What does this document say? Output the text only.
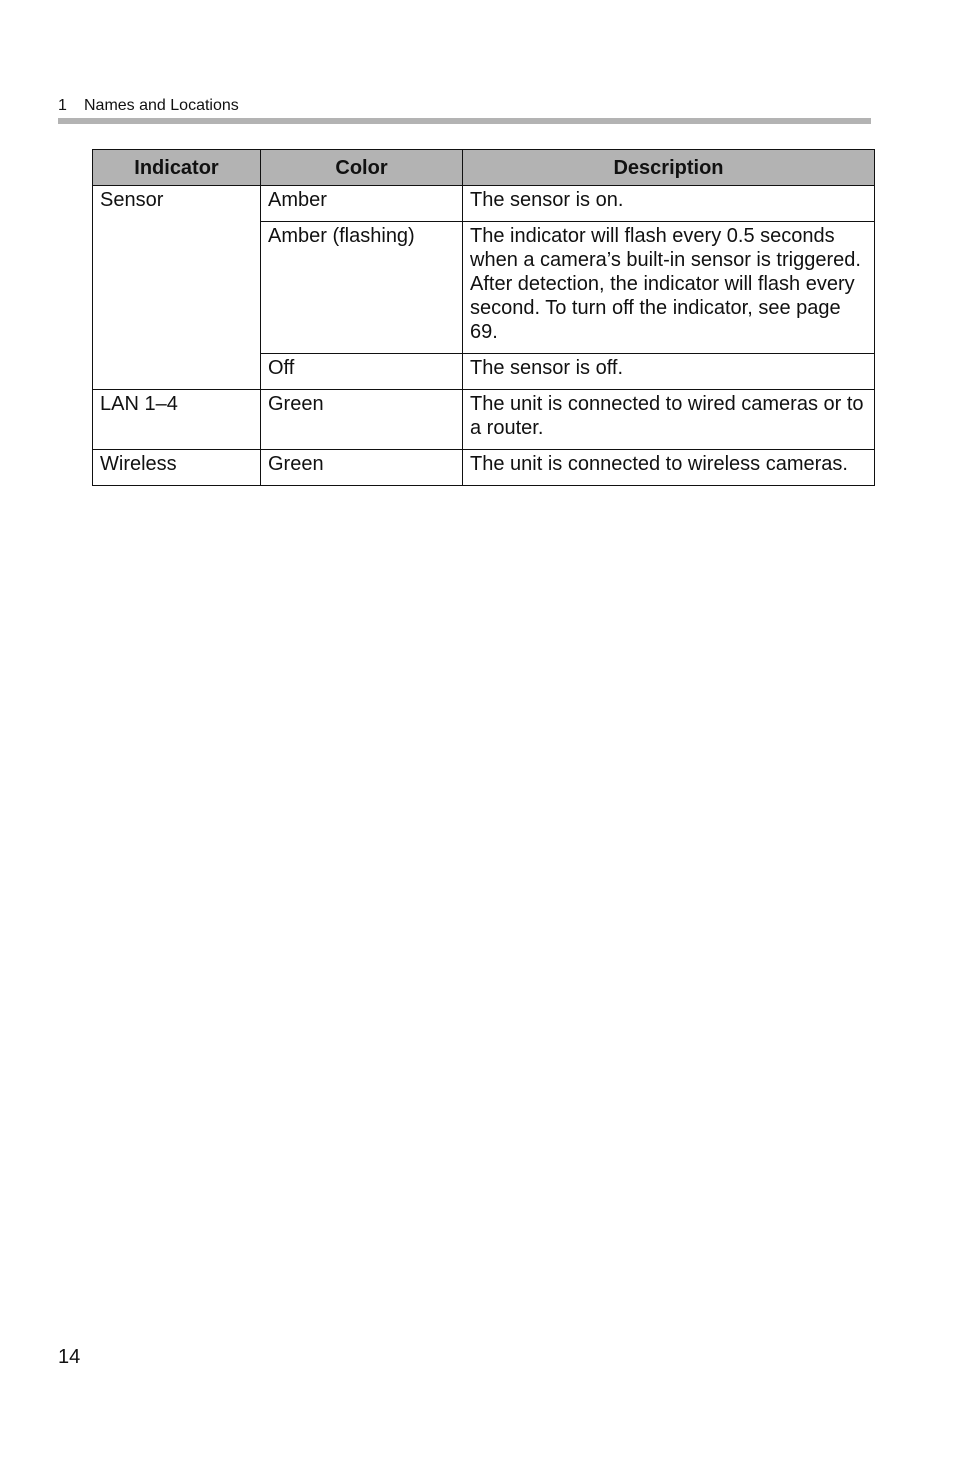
1 Names and Locations
Indicator	Color	Description
Sensor	Amber	The sensor is on.
	Amber (flashing)	The indicator will flash every 0.5 seconds when a camera’s built-in sensor is triggered. After detection, the indicator will flash every second. To turn off the indicator, see page 69.
	Off	The sensor is off.
LAN 1–4	Green	The unit is connected to wired cameras or to a router.
Wireless	Green	The unit is connected to wireless cameras.
14
